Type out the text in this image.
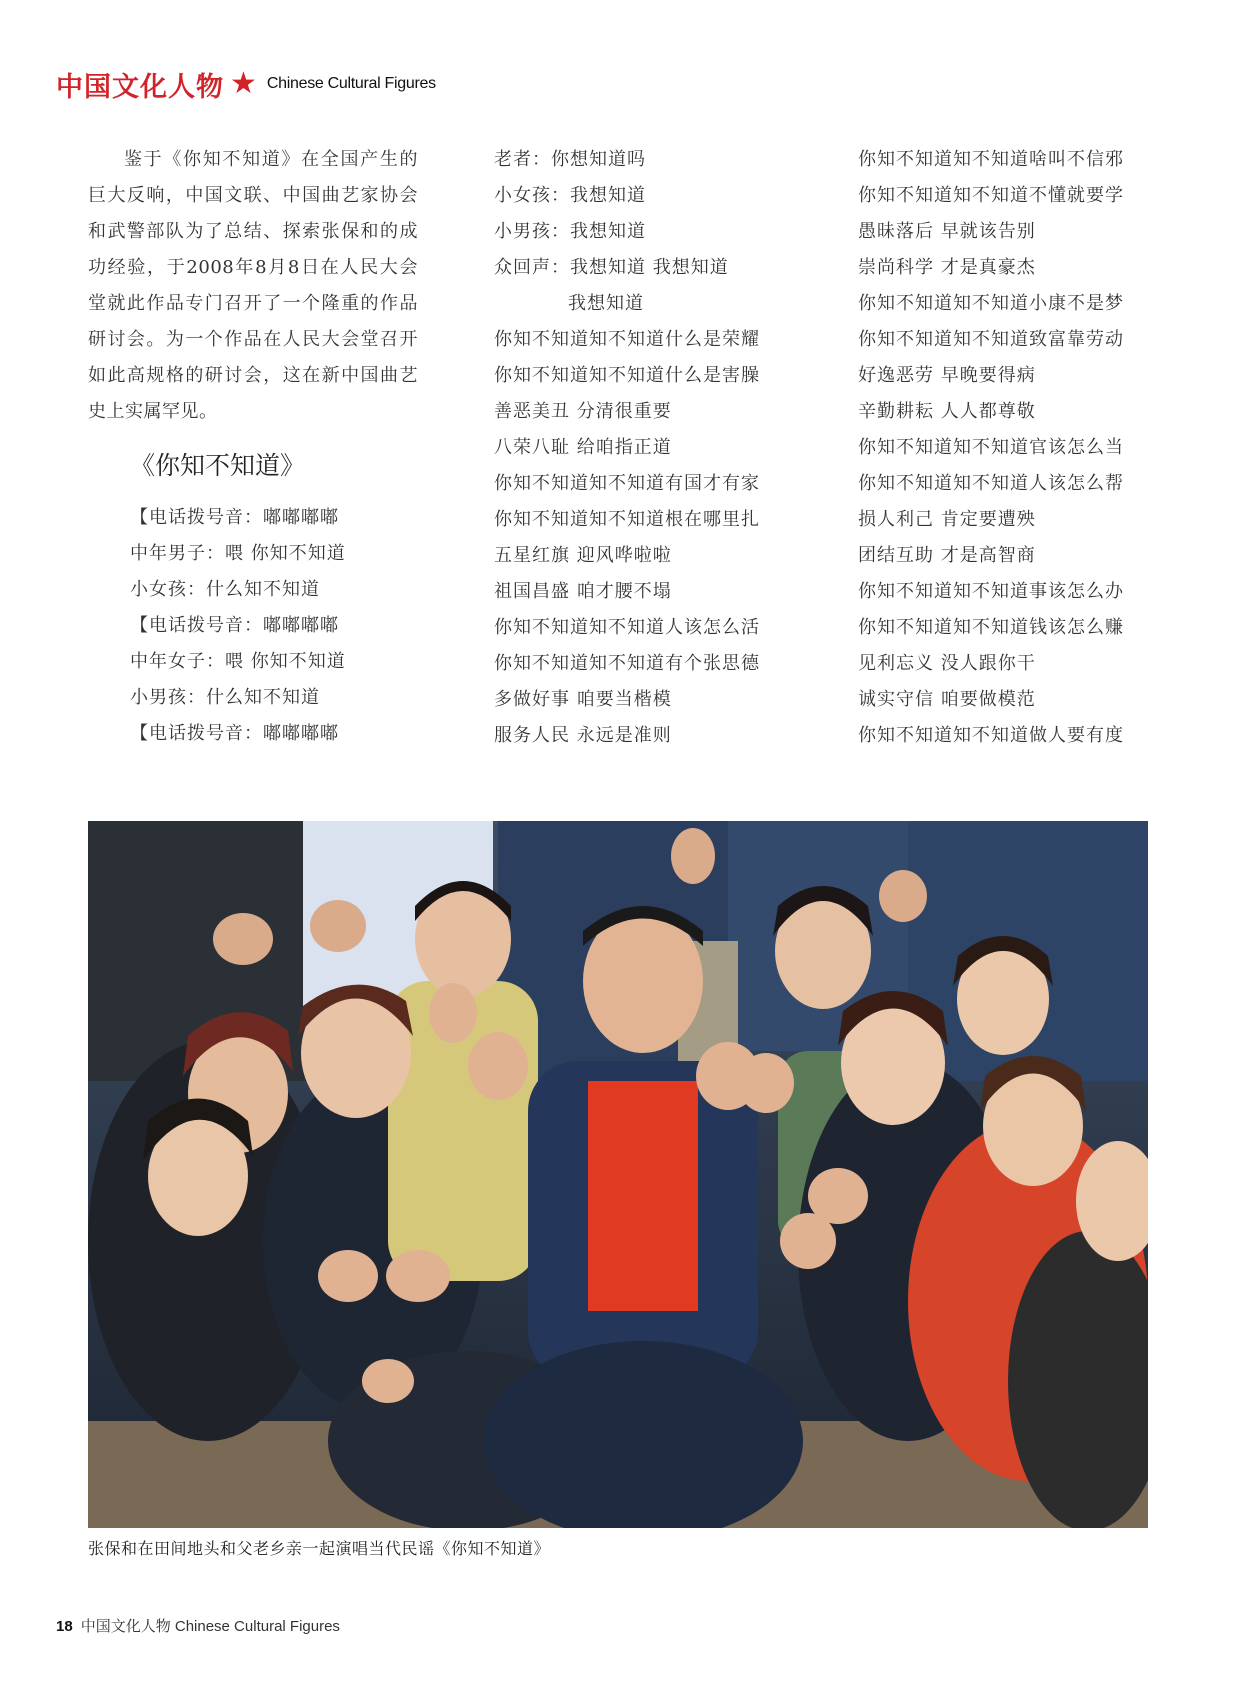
中国文化人物 ★ Chinese Cultural Figures

鉴于《你知不知道》在全国产生的巨大反响，中国文联、中国曲艺家协会和武警部队为了总结、探索张保和的成功经验，于2008年8月8日在人民大会堂就此作品专门召开了一个隆重的作品研讨会。为一个作品在人民大会堂召开如此高规格的研讨会，这在新中国曲艺史上实属罕见。

《你知不知道》
【电话拨号音：嘟嘟嘟嘟
中年男子：喂 你知不知道
小女孩：什么知不知道
【电话拨号音：嘟嘟嘟嘟
中年女子：喂 你知不知道
小男孩：什么知不知道
【电话拨号音：嘟嘟嘟嘟
老者：你想知道吗
小女孩：我想知道
小男孩：我想知道
众回声：我想知道 我想知道
我想知道
你知不知道知不知道什么是荣耀
你知不知道知不知道什么是害臊
善恶美丑 分清很重要
八荣八耻 给咱指正道
你知不知道知不知道有国才有家
你知不知道知不知道根在哪里扎
五星红旗 迎风哗啦啦
祖国昌盛 咱才腰不塌
你知不知道知不知道人该怎么活
你知不知道知不知道有个张思德
多做好事 咱要当楷模
服务人民 永远是准则
你知不知道知不知道啥叫不信邪
你知不知道知不知道不懂就要学
愚昧落后 早就该告别
崇尚科学 才是真豪杰
你知不知道知不知道小康不是梦
你知不知道知不知道致富靠劳动
好逸恶劳 早晚要得病
辛勤耕耘 人人都尊敬
你知不知道知不知道官该怎么当
你知不知道知不知道人该怎么帮
损人利己 肯定要遭殃
团结互助 才是高智商
你知不知道知不知道事该怎么办
你知不知道知不知道钱该怎么赚
见利忘义 没人跟你干
诚实守信 咱要做模范
你知不知道知不知道做人要有度
张保和在田间地头和父老乡亲一起演唱当代民谣《你知不知道》
18 中国文化人物 Chinese Cultural Figures
